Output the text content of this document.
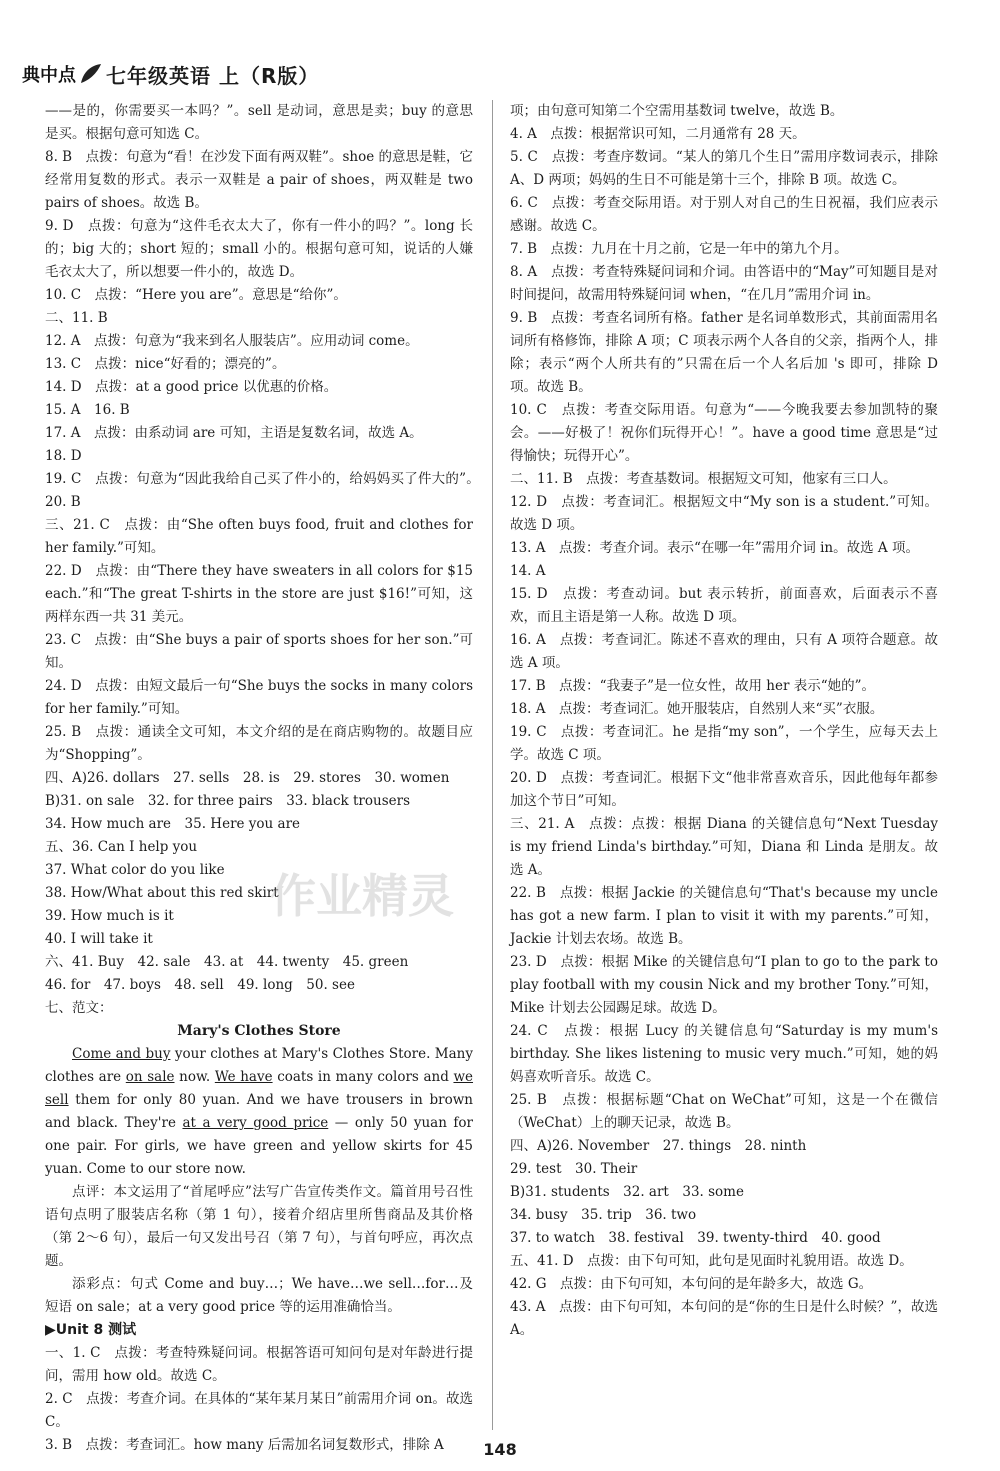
典中点 七年级英语 上（R版）

——是的，你需要买一本吗？”。sell 是动词，意思是卖；buy 的意思是买。根据句意可知选 C。

8. B　点拨：句意为“看！在沙发下面有两双鞋”。shoe 的意思是鞋，它经常用复数的形式。表示一双鞋是 a pair of shoes，两双鞋是 two pairs of shoes。故选 B。

9. D　点拨：句意为“这件毛衣太大了，你有一件小的吗？”。long 长的；big 大的；short 短的；small 小的。根据句意可知，说话的人嫌毛衣太大了，所以想要一件小的，故选 D。

10. C　点拨：“Here you are”。意思是“给你”。

二、11. B

12. A　点拨：句意为“我来到名人服装店”。应用动词 come。

13. C　点拨：nice“好看的；漂亮的”。

14. D　点拨：at a good price 以优惠的价格。

15. A　16. B

17. A　点拨：由系动词 are 可知，主语是复数名词，故选 A。

18. D

19. C　点拨：句意为“因此我给自己买了件小的，给妈妈买了件大的”。　20. B

三、21. C　点拨：由“She often buys food, fruit and clothes for her family.”可知。

22. D　点拨：由“There they have sweaters in all colors for $15 each.”和“The great T-shirts in the store are just $16!”可知，这两样东西一共 31 美元。

23. C　点拨：由“She buys a pair of sports shoes for her son.”可知。

24. D　点拨：由短文最后一句“She buys the socks in many colors for her family.”可知。

25. B　点拨：通读全文可知，本文介绍的是在商店购物的。故题目应为“Shopping”。

四、A)26. dollars　27. sells　28. is　29. stores　30. women

B)31. on sale　32. for three pairs　33. black trousers

34. How much are　35. Here you are

五、36. Can I help you

37. What color do you like

38. How/What about this red skirt

39. How much is it

40. I will take it

六、41. Buy　42. sale　43. at　44. twenty　45. green

46. for　47. boys　48. sell　49. long　50. see

七、范文：

Mary's Clothes Store

Come and buy your clothes at Mary's Clothes Store. Many clothes are on sale now. We have coats in many colors and we sell them for only 80 yuan. And we have trousers in brown and black. They're at a very good price — only 50 yuan for one pair. For girls, we have green and yellow skirts for 45 yuan. Come to our store now.

点评：本文运用了“首尾呼应”法写广告宣传类作文。篇首用号召性语句点明了服装店名称（第 1 句），接着介绍店里所售商品及其价格（第 2～6 句），最后一句又发出号召（第 7 句），与首句呼应，再次点题。

添彩点：句式 Come and buy…；We have…we sell…for…及短语 on sale；at a very good price 等的运用准确恰当。

▶Unit 8 测试

一、1. C　点拨：考查特殊疑问词。根据答语可知问句是对年龄进行提问，需用 how old。故选 C。

2. C　点拨：考查介词。在具体的“某年某月某日”前需用介词 on。故选 C。

3. B　点拨：考查词汇。how many 后需加名词复数形式，排除 A

项；由句意可知第二个空需用基数词 twelve，故选 B。

4. A　点拨：根据常识可知，二月通常有 28 天。

5. C　点拨：考查序数词。“某人的第几个生日”需用序数词表示，排除 A、D 两项；妈妈的生日不可能是第十三个，排除 B 项。故选 C。

6. C　点拨：考查交际用语。对于别人对自己的生日祝福，我们应表示感谢。故选 C。

7. B　点拨：九月在十月之前，它是一年中的第九个月。

8. A　点拨：考查特殊疑问词和介词。由答语中的“May”可知题目是对时间提问，故需用特殊疑问词 when，“在几月”需用介词 in。

9. B　点拨：考查名词所有格。father 是名词单数形式，其前面需用名词所有格修饰，排除 A 项；C 项表示两个人各自的父亲，指两个人，排除；表示“两个人所共有的”只需在后一个人名后加 's 即可，排除 D 项。故选 B。

10. C　点拨：考查交际用语。句意为“——今晚我要去参加凯特的聚会。——好极了！祝你们玩得开心！”。have a good time 意思是“过得愉快；玩得开心”。

二、11. B　点拨：考查基数词。根据短文可知，他家有三口人。

12. D　点拨：考查词汇。根据短文中“My son is a student.”可知。故选 D 项。

13. A　点拨：考查介词。表示“在哪一年”需用介词 in。故选 A 项。

14. A

15. D　点拨：考查动词。but 表示转折，前面喜欢，后面表示不喜欢，而且主语是第一人称。故选 D 项。

16. A　点拨：考查词汇。陈述不喜欢的理由，只有 A 项符合题意。故选 A 项。

17. B　点拨：“我妻子”是一位女性，故用 her 表示“她的”。

18. A　点拨：考查词汇。她开服装店，自然别人来“买”衣服。

19. C　点拨：考查词汇。he 是指“my son”，一个学生，应每天去上学。故选 C 项。

20. D　点拨：考查词汇。根据下文“他非常喜欢音乐，因此他每年都参加这个节日”可知。

三、21. A　点拨：点拨：根据 Diana 的关键信息句“Next Tuesday is my friend Linda's birthday.”可知，Diana 和 Linda 是朋友。故选 A。

22. B　点拨：根据 Jackie 的关键信息句“That's because my uncle has got a new farm. I plan to visit it with my parents.”可知，Jackie 计划去农场。故选 B。

23. D　点拨：根据 Mike 的关键信息句“I plan to go to the park to play football with my cousin Nick and my brother Tony.”可知，Mike 计划去公园踢足球。故选 D。

24. C　点拨：根据 Lucy 的关键信息句“Saturday is my mum's birthday. She likes listening to music very much.”可知，她的妈妈喜欢听音乐。故选 C。

25. B　点拨：根据标题“Chat on WeChat”可知，这是一个在微信（WeChat）上的聊天记录，故选 B。

四、A)26. November　27. things　28. ninth

29. test　30. Their

B)31. students　32. art　33. some

34. busy　35. trip　36. two

37. to watch　38. festival　39. twenty-third　40. good

五、41. D　点拨：由下句可知，此句是见面时礼貌用语。故选 D。

42. G　点拨：由下句可知，本句问的是年龄多大，故选 G。

43. A　点拨：由下句可知，本句问的是“你的生日是什么时候？”，故选 A。

148
作业精灵
